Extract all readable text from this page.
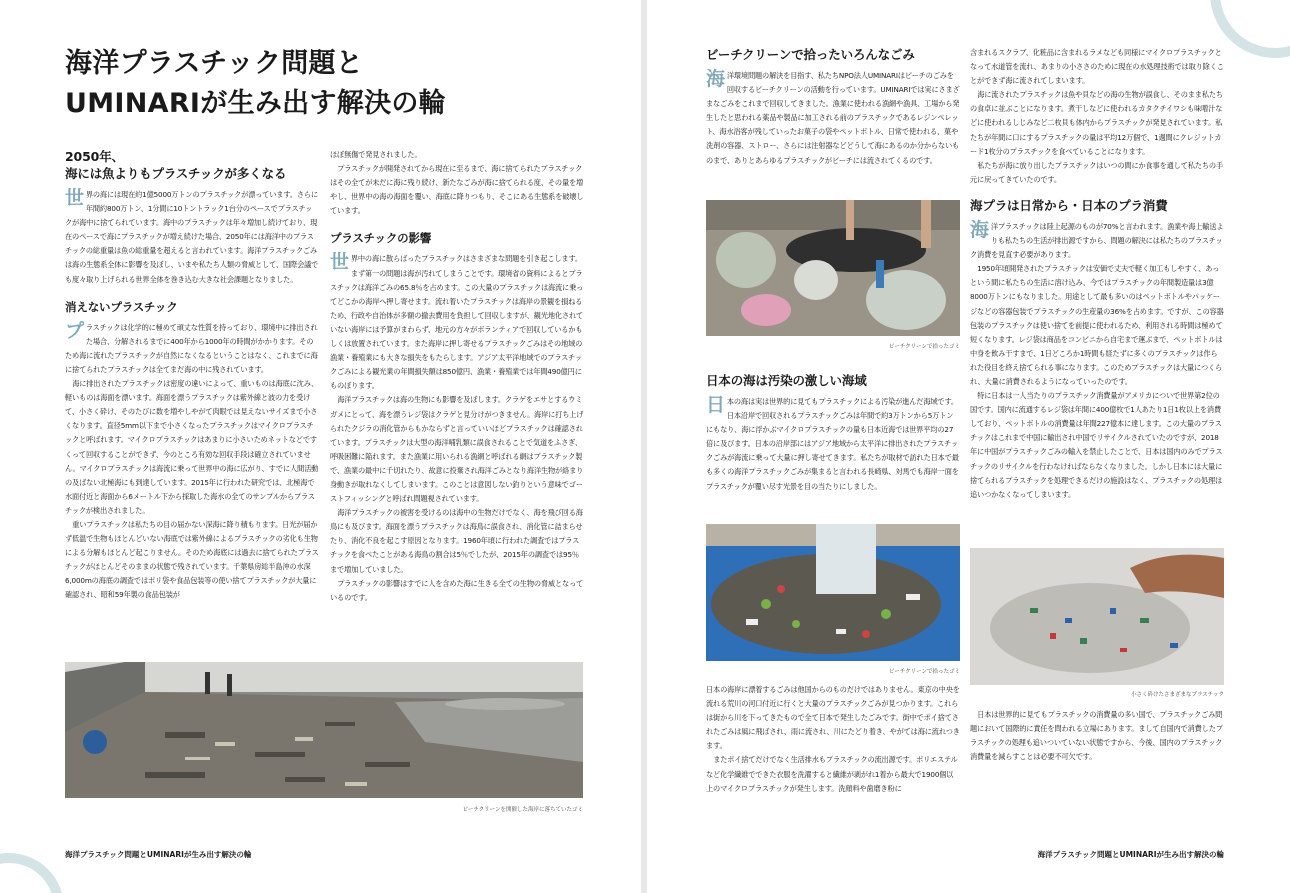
海洋プラスチック問題と
UMINARIが生み出す解決の輪
2050年、
海には魚よりもプラスチックが多くなる

世界の海には現在約1億5000万トンのプラスチックが漂っています。さらに年間約800万トン、1分間に10トントラック1台分のペースでプラスチックが海中に捨てられています。海中のプラスチックは年々増加し続けており、現在のペースで海にプラスチックが増え続けた場合、2050年には海洋中のプラスチックの総重量は魚の総重量を超えると言われています。海洋プラスチックごみは海の生態系全体に影響を及ぼし、いまや私たち人類の脅威として、国際会議でも度々取り上げられる世界全体を巻き込む大きな社会課題となりました。

消えないプラスチック

プラスチックは化学的に極めて頑丈な性質を持っており、環境中に排出された場合、分解されるまでに400年から1000年の時間がかかります。そのため海に流れたプラスチックが自然になくなるということはなく、これまでに海に捨てられたプラスチックは全てまだ海の中に残されています。

海に排出されたプラスチックは密度の違いによって、重いものは海底に沈み、軽いものは海面を漂います。海面を漂うプラスチックは紫外線と波の力を受けて、小さく砕け、そのたびに数を増やしやがて肉眼では見えないサイズまで小さくなります。直径5mm以下まで小さくなったプラスチックはマイクロプラスチックと呼ばれます。マイクロプラスチックはあまりに小さいためネットなどですくって回収することができず、今のところ有効な回収手段は確立されていません。マイクロプラスチックは海流に乗って世界中の海に広がり、すでに人間活動の及ばない北極海にも到達しています。2015年に行われた研究では、北極海で水面付近と海面から6メートル下から採取した海水の全てのサンプルからプラスチックが検出されました。

重いプラスチックは私たちの目の届かない深海に降り積もります。日光が届かず低温で生物もほとんどいない海底では紫外線によるプラスチックの劣化も生物による分解もほとんど起こりません。そのため海底には過去に捨てられたプラスチックがほとんどそのままの状態で残されています。千葉県房総半島沖の水深6,000mの海底の調査ではポリ袋や食品包装等の使い捨てプラスチックが大量に確認され、昭和59年製の食品包装が

ほぼ無傷で発見されました。

プラスチックが開発されてから現在に至るまで、海に捨てられたプラスチックはその全てが未だに海に残り続け、新たなごみが海に捨てられる度、その量を増やし、世界中の海の海面を覆い、海底に降りつもり、そこにある生態系を破壊しています。

プラスチックの影響

世界中の海に散らばったプラスチックはさまざまな問題を引き起こします。まず第一の問題は海が汚れてしまうことです。環境省の資料によるとプラスチックは海洋ごみの65.8％を占めます。この大量のプラスチックは海流に乗ってどこかの海岸へ押し寄せます。流れ着いたプラスチックは海岸の景観を損ねるため、行政や自治体が多額の撤去費用を負担して回収しますが、観光地化されていない海岸には予算がまわらず、地元の方々がボランティアで回収しているかもしくは放置されています。また海岸に押し寄せるプラスチックごみはその地域の漁業・養殖業にも大きな損失をもたらします。アジア太平洋地域でのプラスチックごみによる観光業の年間損失額は850億円、漁業・養殖業では年間490億円にものぼります。

海洋プラスチックは海の生物にも影響を及ぼします。クラゲをエサとするウミガメにとって、海を漂うレジ袋はクラゲと見分けがつきません。海岸に打ち上げられたクジラの消化管からもかならずと言っていいほどプラスチックは確認されています。プラスチックは大型の海洋哺乳類に誤食されることで気道をふさぎ、呼吸困難に陥れます。また漁業に用いられる漁網と呼ばれる網はプラスチック製で、漁業の最中に千切れたり、故意に投棄され海洋ごみとなり海洋生物が絡まり身動きが取れなくしてしまいます。このことは意図しない釣りという意味でゴーストフィッシングと呼ばれ問題視されています。

海洋プラスチックの被害を受けるのは海中の生物だけでなく、海を飛び回る海鳥にも及びます。海面を漂うプラスチックは海鳥に誤食され、消化管に詰まらせたり、消化不良を起こす原因となります。1960年頃に行われた調査ではプラスチックを食べたことがある海鳥の割合は5％でしたが、2015年の調査では95％まで増加していました。

プラスチックの影響はすでに人を含めた海に生きる全ての生物の脅威となっているのです。

ビーチクリーンを開催した海岸に落ちていたゴミ
海洋プラスチック問題とUMINARIが生み出す解決の輪
ビーチクリーンで拾ったいろんなごみ

海洋環境問題の解決を目指す、私たちNPO法人UMINARIはビーチのごみを回収するビーチクリーンの活動を行っています。UMINARIでは実にさまざまなごみをこれまで回収してきました。漁業に使われる漁網や漁具、工場から発生したと思われる薬品や製品に加工される前のプラスチックであるレジンペレット、海水浴客が残していったお菓子の袋やペットボトル、日常で使われる、菓や洗剤の容器、ストロー、さらには注射器などどうして海にあるのか分からないものまで、ありとあらゆるプラスチックがビーチには流されてくるのです。

ビーチクリーンで拾ったゴミ
日本の海は汚染の激しい海域

日本の海は実は世界的に見てもプラスチックによる汚染が進んだ海域です。日本沿岸で回収されるプラスチックごみは年間で約3万トンから5万トンにもなり、海に浮かぶマイクロプラスチックの量も日本近海では世界平均の27倍に及びます。日本の沿岸部にはアジア地域から太平洋に排出されたプラスチックごみが海流に乗って大量に押し寄せてきます。私たちが取材で訪れた日本で最も多くの海洋プラスチックごみが集まると言われる長崎県、対馬でも海岸一面をプラスチックが覆い尽す光景を目の当たりにしました。

ビーチクリーンで拾ったゴミ

日本の海岸に漂着するごみは他国からのものだけではありません。東京の中央を流れる荒川の河口付近に行くと大量のプラスチックごみが見つかります。これらは街から川を下ってきたもので全て日本で発生したごみです。街中でポイ捨てされたごみは風に飛ばされ、雨に流され、川にたどり着き、やがては海に流れつきます。

またポイ捨てだけでなく生活排水もプラスチックの流出源です。ポリエステルなど化学繊維でできた衣服を洗濯すると繊維が剥がれ1着から最大で1900個以上のマイクロプラスチックが発生します。洗顔料や歯磨き粉に

含まれるスクラブ、化粧品に含まれるラメなども同様にマイクロプラスチックとなって水道管を流れ、あまりの小ささのために現在の水処理技術では取り除くことができず海に流されてしまいます。

海に流されたプラスチックは魚や貝などの海の生物が誤食し、そのまま私たちの食卓に並ぶことになります。煮干しなどに使われるカタクチイワシも味噌汁などに使われるしじみなど二枚貝も体内からプラスチックが発見されています。私たちが年間に口にするプラスチックの量は平均12万個で、1週間にクレジットカード1枚分のプラスチックを食べていることになります。

私たちが海に放り出したプラスチックはいつの間にか食事を通して私たちの手元に戻ってきていたのです。

海プラは日常から・日本のプラ消費

海洋プラスチックは陸上起源のものが70%と言われます。漁業や海上輸送よりも私たちの生活が排出源ですから、問題の解決には私たちのプラスチック消費を見直す必要があります。

1950年頃開発されたプラスチックは安価で丈夫で軽く加工もしやすく、あっという間に私たちの生活に溶け込み、今ではプラスチックの年間製造量は3億8000万トンにもなりました。用途として最も多いのはペットボトルやパッケージなどの容器包装でプラスチックの生産量の36%を占めます。ですが、この容器包装のプラスチックは使い捨てを前提に使われるため、利用される時間は極めて短くなります。レジ袋は商品をコンビニから自宅まで運ぶまで、ペットボトルは中身を飲み干すまで、1日どころか1時間も経たずに多くのプラスチックは作られた役目を終え捨てられる事になります。このためプラスチックは大量につくられ、大量に消費されるようになっていったのです。

特に日本は一人当たりのプラスチック消費量がアメリカについで世界第2位の国です。国内に流通するレジ袋は年間に400億枚で1人あたり1日1枚以上を消費しており、ペットボトルの消費量は年間227億本に達します。この大量のプラスチックはこれまで中国に輸出され中国でリサイクルされていたのですが、2018年に中国がプラスチックごみの輸入を禁止したことで、日本は国内のみでプラスチックのリサイクルを行わなければならなくなりました。しかし日本には大量に捨てられるプラスチックを処理できるだけの施設はなく、プラスチックの処理は追いつかなくなってしまいます。

小さく砕けたさまざまなプラスチック

日本は世界的に見てもプラスチックの消費量の多い国で、プラスチックごみ問題において国際的に責任を問われる立場にあります。まして自国内で消費したプラスチックの処理も追いついていない状態ですから、今後、国内のプラスチック消費量を減らすことは必要不可欠です。

海洋プラスチック問題とUMINARIが生み出す解決の輪
